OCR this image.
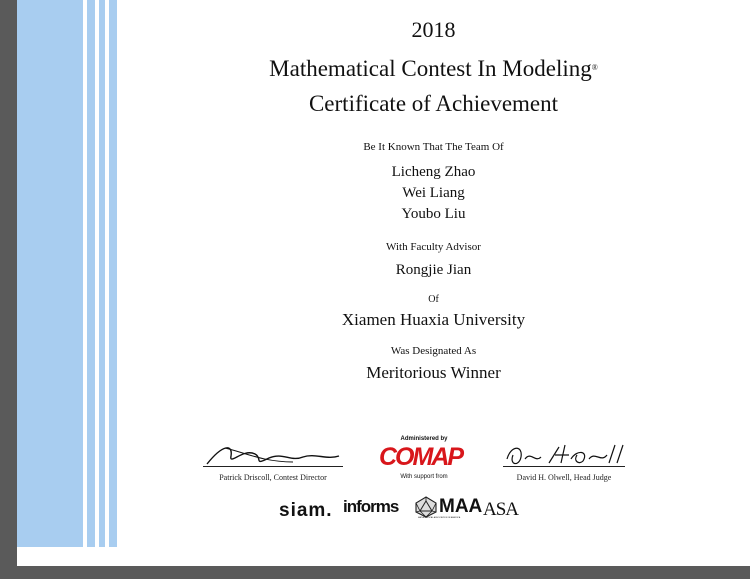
2018
Mathematical Contest In Modeling®
Certificate of Achievement
Be It Known That The Team Of
Licheng Zhao
Wei Liang
Youbo Liu
With Faculty Advisor
Rongjie Jian
Of
Xiamen Huaxia University
Was Designated As
Meritorious Winner
Patrick Driscoll, Contest Director
Administered by
COMAP
With support from	David H. Olwell, Head Judge
siam. informs MAA
MATHEMATICAL ASSOCIATION OF AMERICA ASA
